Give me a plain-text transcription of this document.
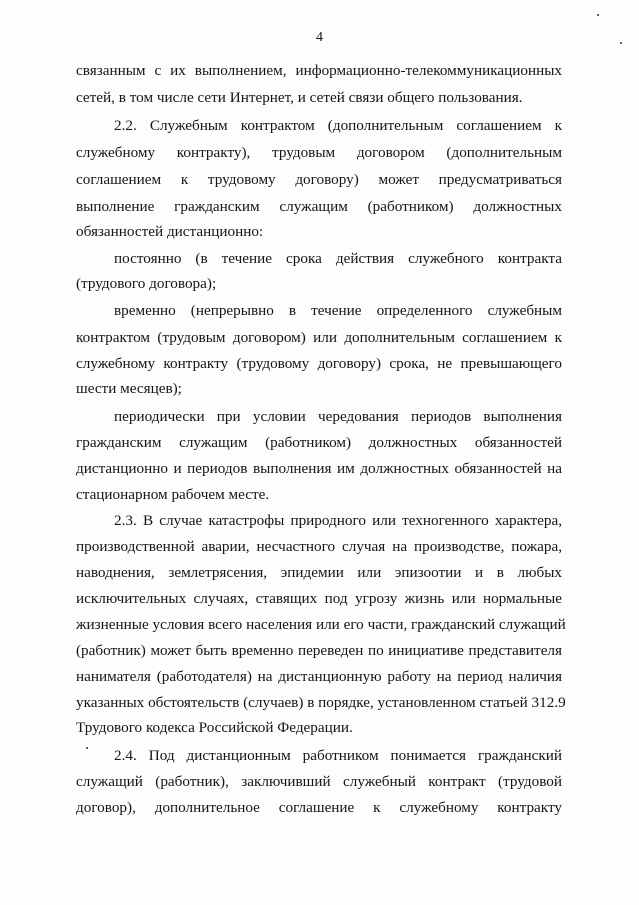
4
связанным с их выполнением, информационно-телекоммуникационных
сетей, в том числе сети Интернет, и сетей связи общего пользования.
2.2. Служебным контрактом (дополнительным соглашением к
служебному контракту), трудовым договором (дополнительным
соглашением к трудовому договору) может предусматриваться
выполнение гражданским служащим (работником) должностных
обязанностей дистанционно:
постоянно (в течение срока действия служебного контракта
(трудового договора);
временно (непрерывно в течение определенного служебным
контрактом (трудовым договором) или дополнительным соглашением к
служебному контракту (трудовому договору) срока, не превышающего
шести месяцев);
периодически при условии чередования периодов выполнения
гражданским служащим (работником) должностных обязанностей
дистанционно и периодов выполнения им должностных обязанностей на
стационарном рабочем месте.
2.3. В случае катастрофы природного или техногенного характера,
производственной аварии, несчастного случая на производстве, пожара,
наводнения, землетрясения, эпидемии или эпизоотии и в любых
исключительных случаях, ставящих под угрозу жизнь или нормальные
жизненные условия всего населения или его части, гражданский служащий
(работник) может быть временно переведен по инициативе представителя
нанимателя (работодателя) на дистанционную работу на период наличия
указанных обстоятельств (случаев) в порядке, установленном статьей 312.9
Трудового кодекса Российской Федерации.
2.4. Под дистанционным работником понимается гражданский
служащий (работник), заключивший служебный контракт (трудовой
договор), дополнительное соглашение к служебному контракту
